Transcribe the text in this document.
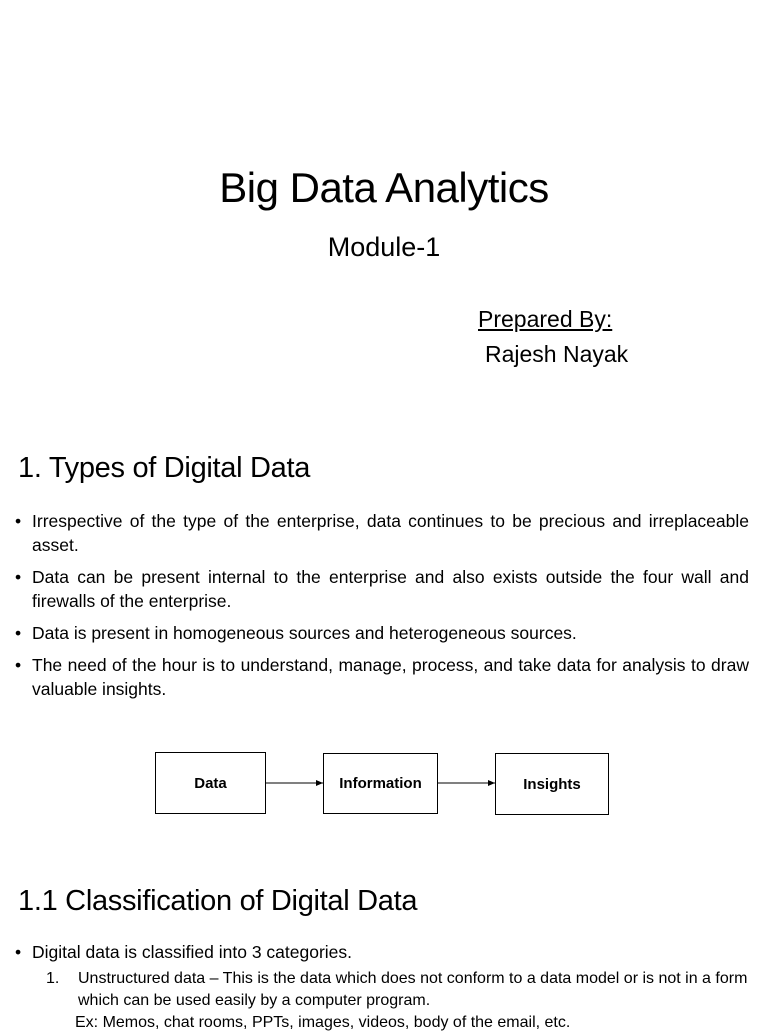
Big Data Analytics
Module-1
Prepared By:
Rajesh Nayak
1. Types of Digital Data
• Irrespective of the type of the enterprise, data continues to be precious and irreplaceable asset.
• Data can be present internal to the enterprise and also exists outside the four wall and firewalls of the enterprise.
• Data is present in homogeneous sources and heterogeneous sources.
• The need of the hour is to understand, manage, process, and take data for analysis to draw valuable insights.
Data	Information	Insights
1.1 Classification of Digital Data
• Digital data is classified into 3 categories.
1. Unstructured data – This is the data which does not conform to a data model or is not in a form which can be used easily by a computer program.
Ex: Memos, chat rooms, PPTs, images, videos, body of the email, etc.
